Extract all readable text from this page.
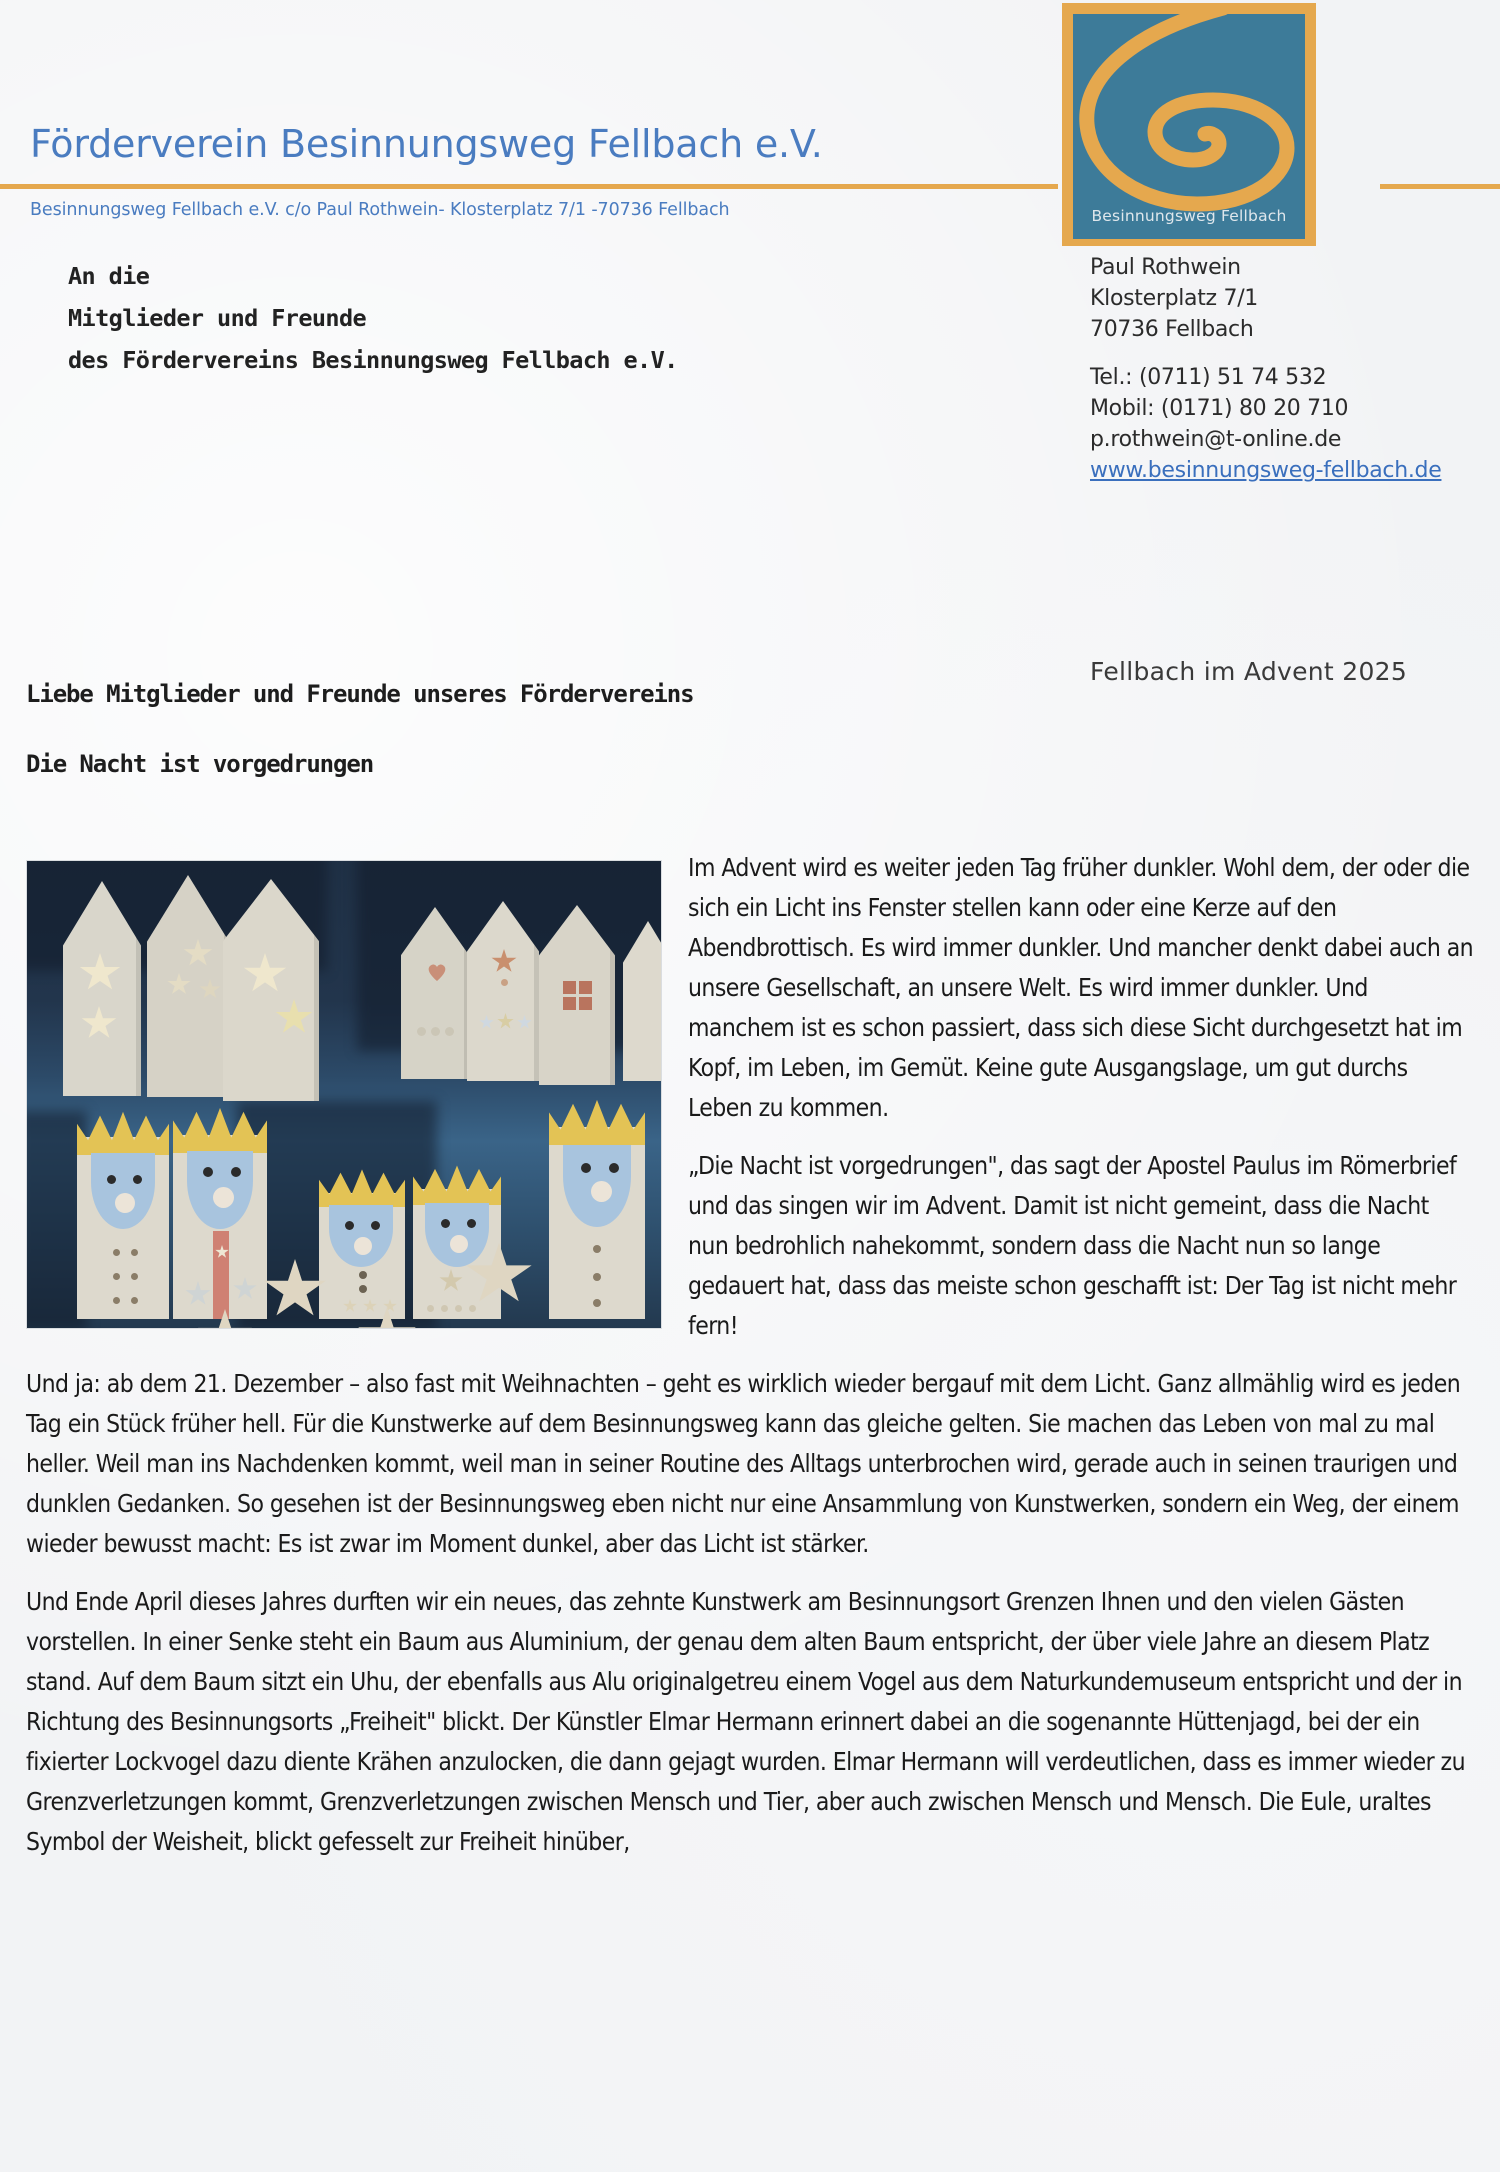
Förderverein Besinnungsweg Fellbach e.V.
Besinnungsweg Fellbach e.V. c/o Paul Rothwein- Klosterplatz 7/1 -70736 Fellbach	Besinnungsweg Fellbach
An die
Mitglieder und Freunde
des Fördervereins Besinnungsweg Fellbach e.V.
Paul Rothwein
Klosterplatz 7/1
70736 Fellbach
Tel.: (0711) 51 74 532
Mobil: (0171) 80 20 710
p.rothwein@t-online.de
www.besinnungsweg-fellbach.de
Fellbach im Advent 2025
Liebe Mitglieder und Freunde unseres Fördervereins
Die Nacht ist vorgedrungen

Im Advent wird es weiter jeden Tag früher dunkler. Wohl dem, der oder die sich ein Licht ins Fenster stellen kann oder eine Kerze auf den Abendbrottisch. Es wird immer dunkler. Und mancher denkt dabei auch an unsere Gesellschaft, an unsere Welt. Es wird immer dunkler. Und manchem ist es schon passiert, dass sich diese Sicht durchgesetzt hat im Kopf, im Leben, im Gemüt. Keine gute Ausgangslage, um gut durchs Leben zu kommen.

„Die Nacht ist vorgedrungen", das sagt der Apostel Paulus im Römerbrief und das singen wir im Advent. Damit ist nicht gemeint, dass die Nacht nun bedrohlich nahekommt, sondern dass die Nacht nun so lange gedauert hat, dass das meiste schon geschafft ist: Der Tag ist nicht mehr fern!

Und ja: ab dem 21. Dezember – also fast mit Weihnachten – geht es wirklich wieder bergauf mit dem Licht. Ganz allmählig wird es jeden Tag ein Stück früher hell. Für die Kunstwerke auf dem Besinnungsweg kann das gleiche gelten. Sie machen das Leben von mal zu mal heller. Weil man ins Nachdenken kommt, weil man in seiner Routine des Alltags unterbrochen wird, gerade auch in seinen traurigen und dunklen Gedanken. So gesehen ist der Besinnungsweg eben nicht nur eine Ansammlung von Kunstwerken, sondern ein Weg, der einem wieder bewusst macht: Es ist zwar im Moment dunkel, aber das Licht ist stärker.

Und Ende April dieses Jahres durften wir ein neues, das zehnte Kunstwerk am Besinnungsort Grenzen Ihnen und den vielen Gästen vorstellen. In einer Senke steht ein Baum aus Aluminium, der genau dem alten Baum entspricht, der über viele Jahre an diesem Platz stand. Auf dem Baum sitzt ein Uhu, der ebenfalls aus Alu originalgetreu einem Vogel aus dem Naturkundemuseum entspricht und der in Richtung des Besinnungsorts „Freiheit" blickt. Der Künstler Elmar Hermann erinnert dabei an die sogenannte Hüttenjagd, bei der ein fixierter Lockvogel dazu diente Krähen anzulocken, die dann gejagt wurden. Elmar Hermann will verdeutlichen, dass es immer wieder zu Grenzverletzungen kommt, Grenzverletzungen zwischen Mensch und Tier, aber auch zwischen Mensch und Mensch. Die Eule, uraltes Symbol der Weisheit, blickt gefesselt zur Freiheit hinüber,
